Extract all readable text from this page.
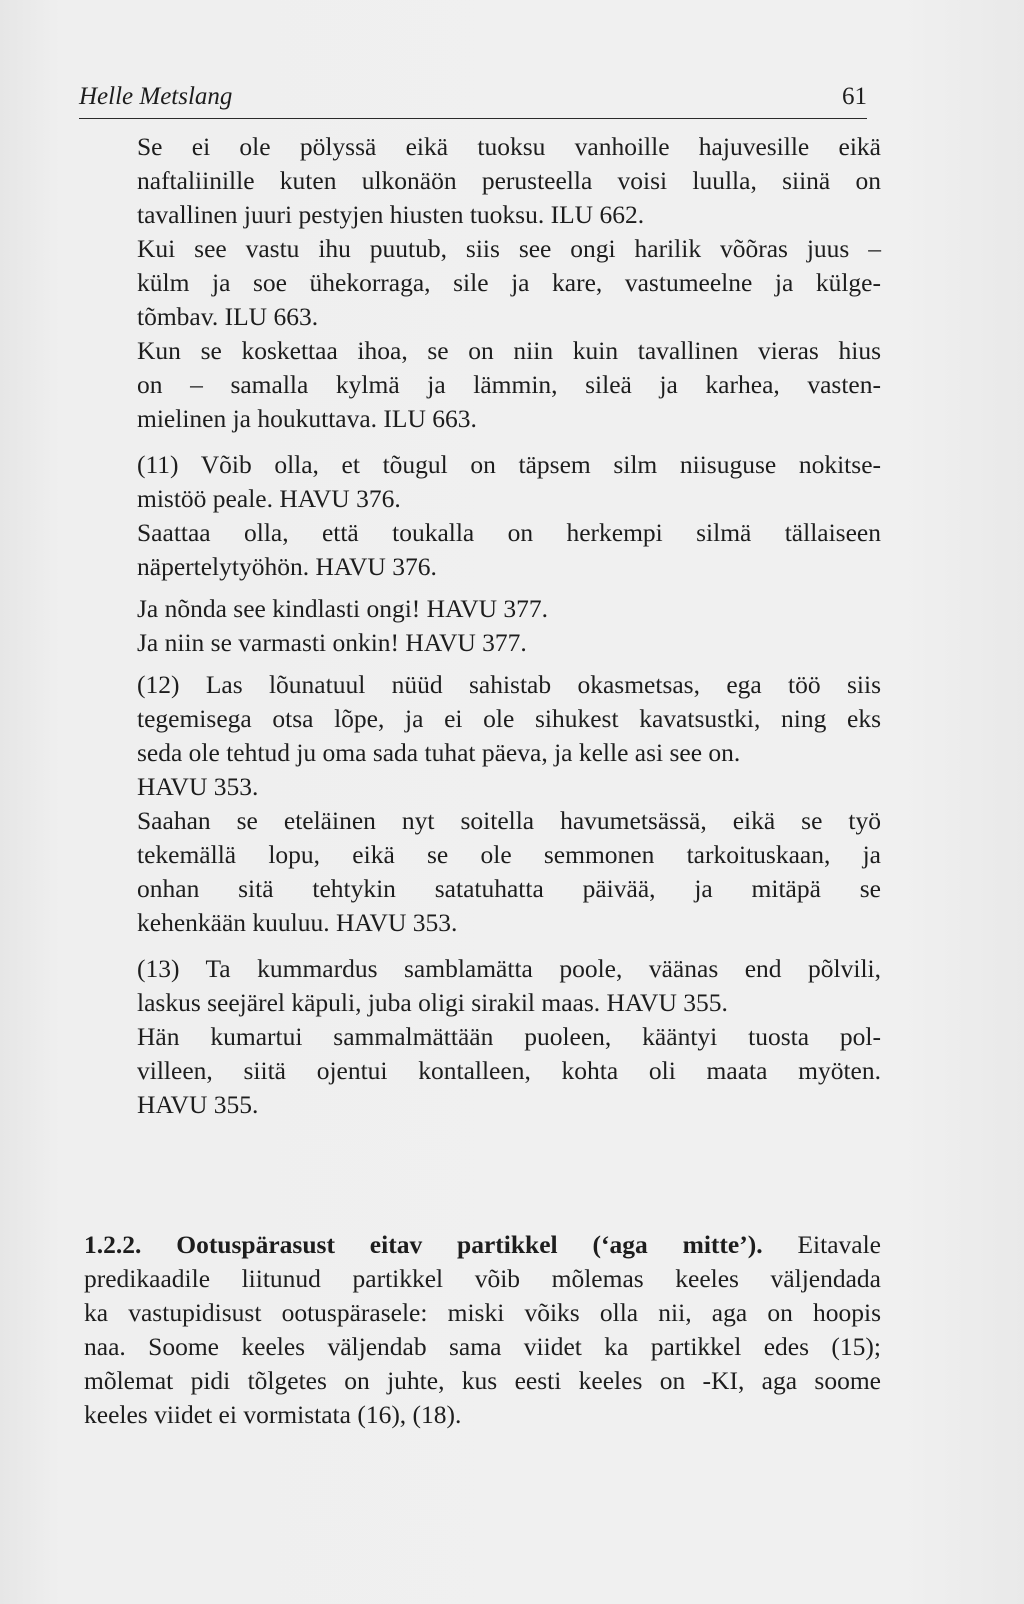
Helle Metslang	61
Se ei ole pölyssä eikä tuoksu vanhoille hajuvesille eikä
naftaliinille kuten ulkonäön perusteella voisi luulla, siinä on
tavallinen juuri pestyjen hiusten tuoksu. ILU 662.
Kui see vastu ihu puutub, siis see ongi harilik võõras juus –
külm ja soe ühekorraga, sile ja kare, vastumeelne ja külge-
tõmbav. ILU 663.
Kun se koskettaa ihoa, se on niin kuin tavallinen vieras hius
on – samalla kylmä ja lämmin, sileä ja karhea, vasten-
mielinen ja houkuttava. ILU 663.
(11) Võib olla, et tõugul on täpsem silm niisuguse nokitse-
mistöö peale. HAVU 376.
Saattaa olla, että toukalla on herkempi silmä tällaiseen
näpertelytyöhön. HAVU 376.
Ja nõnda see kindlasti ongi! HAVU 377.
Ja niin se varmasti onkin! HAVU 377.
(12) Las lõunatuul nüüd sahistab okasmetsas, ega töö siis
tegemisega otsa lõpe, ja ei ole sihukest kavatsustki, ning eks
seda ole tehtud ju oma sada tuhat päeva, ja kelle asi see on.
HAVU 353.
Saahan se eteläinen nyt soitella havumetsässä, eikä se työ
tekemällä lopu, eikä se ole semmonen tarkoituskaan, ja
onhan sitä tehtykin satatuhatta päivää, ja mitäpä se
kehenkään kuuluu. HAVU 353.
(13) Ta kummardus samblamätta poole, väänas end põlvili,
laskus seejärel käpuli, juba oligi sirakil maas. HAVU 355.
Hän kumartui sammalmättään puoleen, kääntyi tuosta pol-
villeen, siitä ojentui kontalleen, kohta oli maata myöten.
HAVU 355.
1.2.2. Ootuspärasust eitav partikkel (‘aga mitte’). Eitavale
predikaadile liitunud partikkel võib mõlemas keeles väljendada
ka vastupidisust ootuspärasele: miski võiks olla nii, aga on hoopis
naa. Soome keeles väljendab sama viidet ka partikkel edes (15);
mõlemat pidi tõlgetes on juhte, kus eesti keeles on -KI, aga soome
keeles viidet ei vormistata (16), (18).
